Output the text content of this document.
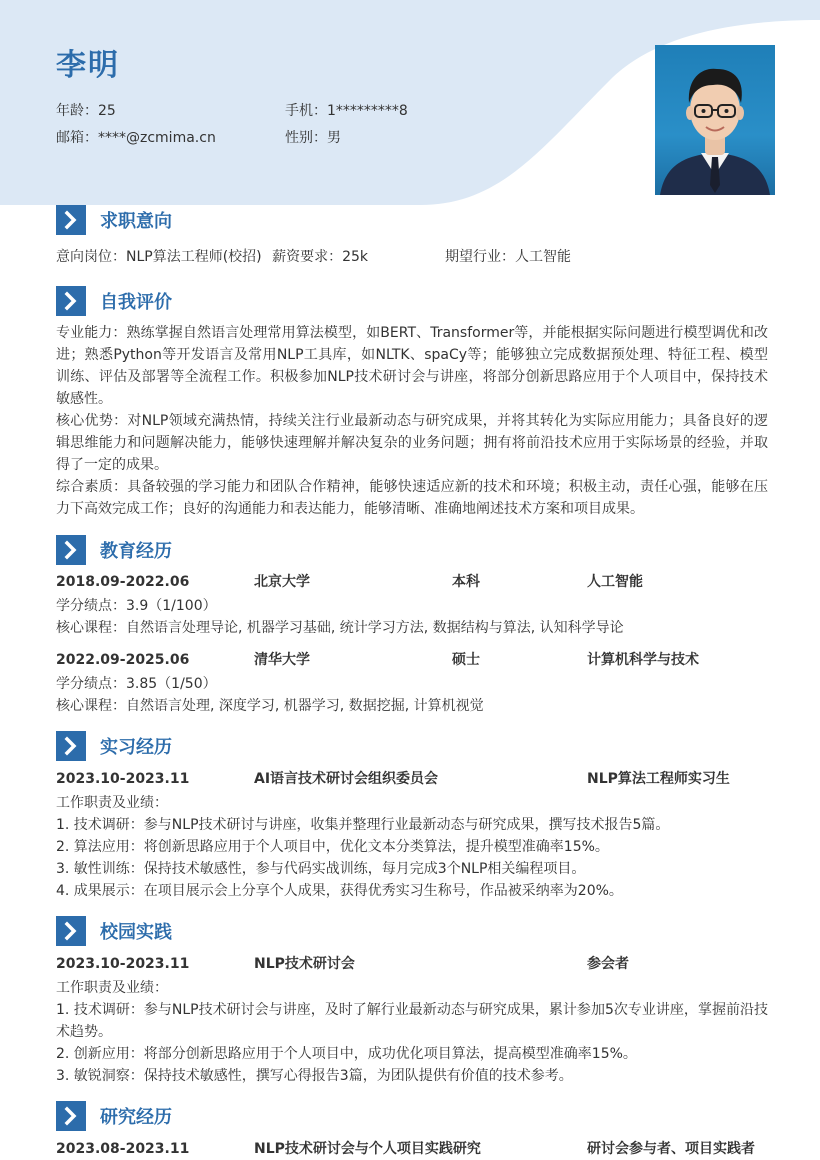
李明
年龄：25	手机：1*********8
邮箱：****@zcmima.cn	性别：男
求职意向
意向岗位：NLP算法工程师(校招) 薪资要求：25k	期望行业：人工智能
自我评价
专业能力：熟练掌握自然语言处理常用算法模型，如BERT、Transformer等，并能根据实际问题进行模型调优和改进；熟悉Python等开发语言及常用NLP工具库，如NLTK、spaCy等；能够独立完成数据预处理、特征工程、模型训练、评估及部署等全流程工作。积极参加NLP技术研讨会与讲座，将部分创新思路应用于个人项目中，保持技术敏感性。
核心优势：对NLP领域充满热情，持续关注行业最新动态与研究成果，并将其转化为实际应用能力；具备良好的逻辑思维能力和问题解决能力，能够快速理解并解决复杂的业务问题；拥有将前沿技术应用于实际场景的经验，并取得了一定的成果。
综合素质：具备较强的学习能力和团队合作精神，能够快速适应新的技术和环境；积极主动，责任心强，能够在压力下高效完成工作；良好的沟通能力和表达能力，能够清晰、准确地阐述技术方案和项目成果。
教育经历
2018.09-2022.06	北京大学	本科	人工智能
学分绩点：3.9（1/100）
核心课程：自然语言处理导论, 机器学习基础, 统计学习方法, 数据结构与算法, 认知科学导论
2022.09-2025.06	清华大学	硕士	计算机科学与技术
学分绩点：3.85（1/50）
核心课程：自然语言处理, 深度学习, 机器学习, 数据挖掘, 计算机视觉
实习经历
2023.10-2023.11	AI语言技术研讨会组织委员会	NLP算法工程师实习生
工作职责及业绩：
1. 技术调研：参与NLP技术研讨与讲座，收集并整理行业最新动态与研究成果，撰写技术报告5篇。
2. 算法应用：将创新思路应用于个人项目中，优化文本分类算法，提升模型准确率15%。
3. 敏性训练：保持技术敏感性，参与代码实战训练，每月完成3个NLP相关编程项目。
4. 成果展示：在项目展示会上分享个人成果，获得优秀实习生称号，作品被采纳率为20%。
校园实践
2023.10-2023.11	NLP技术研讨会	参会者
工作职责及业绩：
1. 技术调研：参与NLP技术研讨会与讲座，及时了解行业最新动态与研究成果，累计参加5次专业讲座，掌握前沿技术趋势。
2. 创新应用：将部分创新思路应用于个人项目中，成功优化项目算法，提高模型准确率15%。
3. 敏锐洞察：保持技术敏感性，撰写心得报告3篇，为团队提供有价值的技术参考。
研究经历
2023.08-2023.11	NLP技术研讨会与个人项目实践研究	研讨会参与者、项目实践者
